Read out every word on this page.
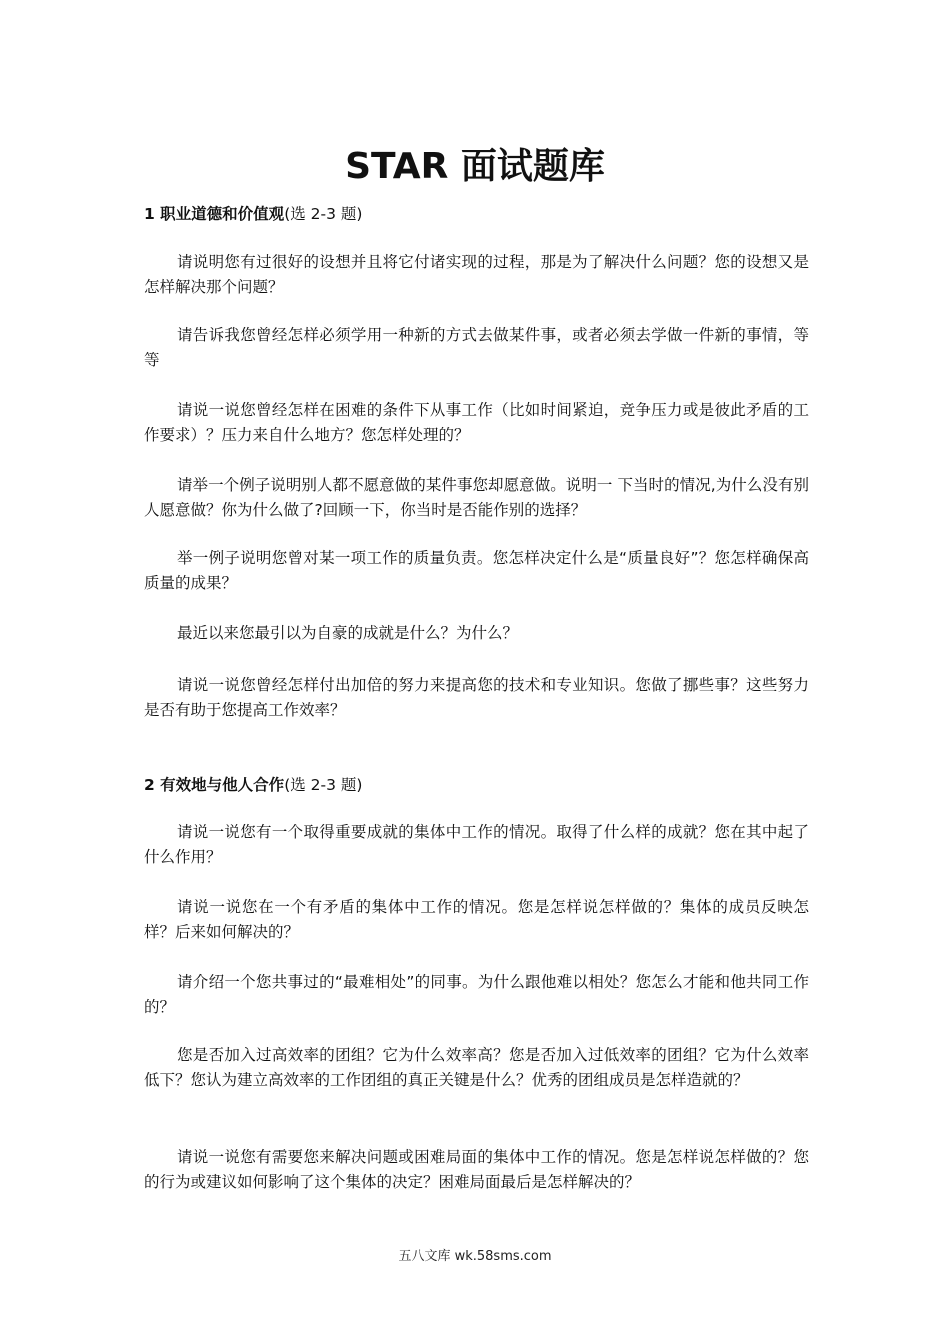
STAR 面试题库

1 职业道德和价值观(选 2-3 题)

请说明您有过很好的设想并且将它付诸实现的过程，那是为了解决什么问题？您的设想又是怎样解决那个问题？

请告诉我您曾经怎样必须学用一种新的方式去做某件事，或者必须去学做一件新的事情，等等

请说一说您曾经怎样在困难的条件下从事工作（比如时间紧迫，竞争压力或是彼此矛盾的工作要求）？压力来自什么地方？您怎样处理的？

请举一个例子说明别人都不愿意做的某件事您却愿意做。说明一 下当时的情况,为什么没有别人愿意做？你为什么做了?回顾一下，你当时是否能作别的选择？

举一例子说明您曾对某一项工作的质量负责。您怎样决定什么是“质量良好”？您怎样确保高质量的成果？

最近以来您最引以为自豪的成就是什么？为什么？

请说一说您曾经怎样付出加倍的努力来提高您的技术和专业知识。您做了挪些事？这些努力是否有助于您提高工作效率？

2 有效地与他人合作(选 2-3 题)

请说一说您有一个取得重要成就的集体中工作的情况。取得了什么样的成就？您在其中起了什么作用？

请说一说您在一个有矛盾的集体中工作的情况。您是怎样说怎样做的？集体的成员反映怎样？后来如何解决的？

请介绍一个您共事过的“最难相处”的同事。为什么跟他难以相处？您怎么才能和他共同工作的？

您是否加入过高效率的团组？它为什么效率高？您是否加入过低效率的团组？它为什么效率低下？您认为建立高效率的工作团组的真正关键是什么？优秀的团组成员是怎样造就的？

请说一说您有需要您来解决问题或困难局面的集体中工作的情况。您是怎样说怎样做的？您的行为或建议如何影响了这个集体的决定？困难局面最后是怎样解决的？

五八文库 wk.58sms.com
